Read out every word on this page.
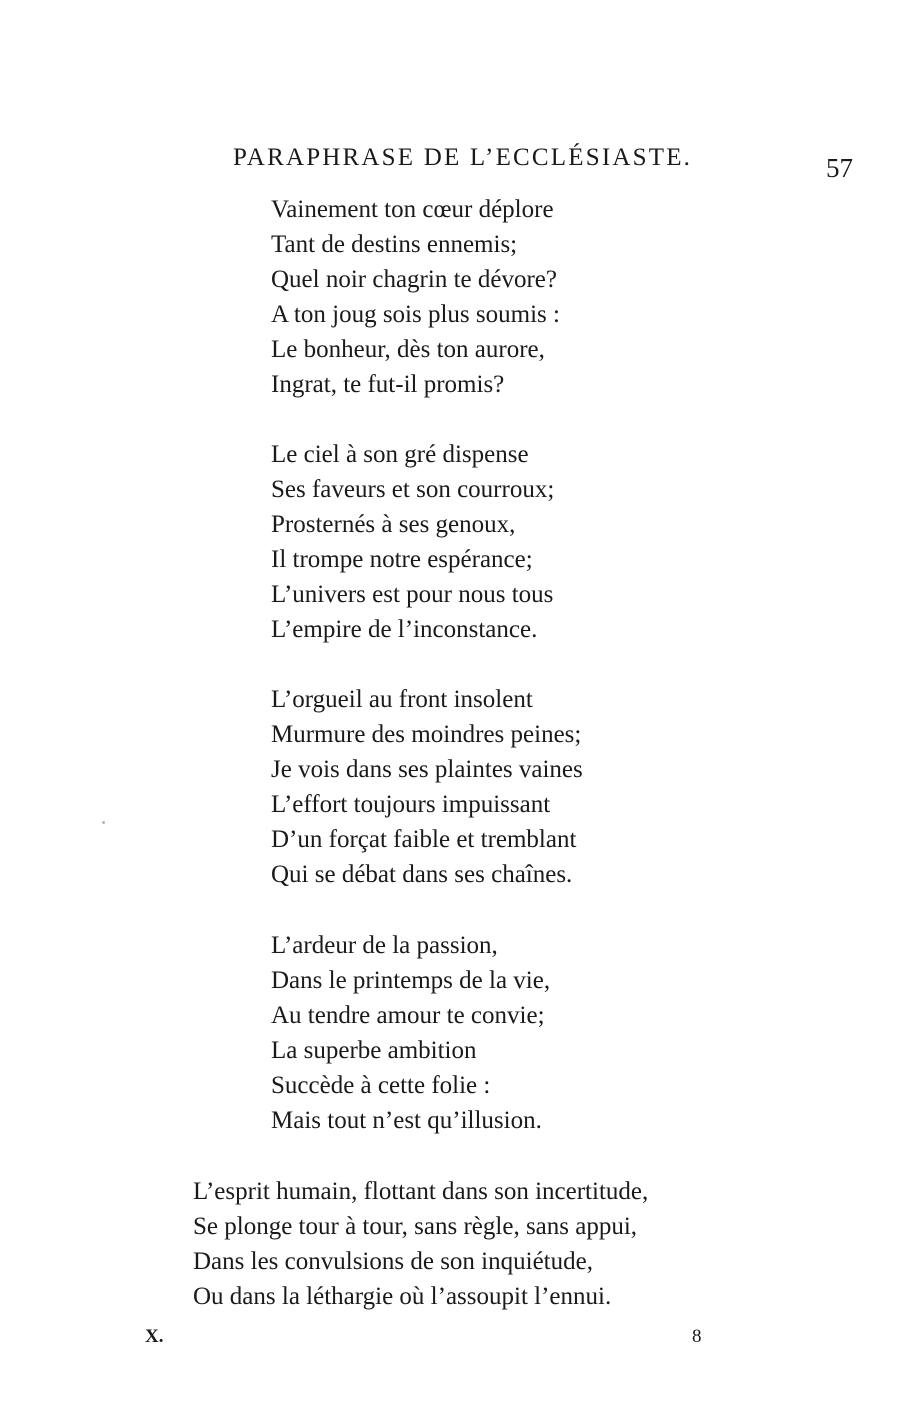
PARAPHRASE DE L’ECCLÉSIASTE.	57
Vainement ton cœur déplore
Tant de destins ennemis;
Quel noir chagrin te dévore?
A ton joug sois plus soumis :
Le bonheur, dès ton aurore,
Ingrat, te fut-il promis?
Le ciel à son gré dispense
Ses faveurs et son courroux;
Prosternés à ses genoux,
Il trompe notre espérance;
L’univers est pour nous tous
L’empire de l’inconstance.
L’orgueil au front insolent
Murmure des moindres peines;
Je vois dans ses plaintes vaines
L’effort toujours impuissant
D’un forçat faible et tremblant
Qui se débat dans ses chaînes.
L’ardeur de la passion,
Dans le printemps de la vie,
Au tendre amour te convie;
La superbe ambition
Succède à cette folie :
Mais tout n’est qu’illusion.
L’esprit humain, flottant dans son incertitude,
Se plonge tour à tour, sans règle, sans appui,
Dans les convulsions de son inquiétude,
Ou dans la léthargie où l’assoupit l’ennui.
X.	8
